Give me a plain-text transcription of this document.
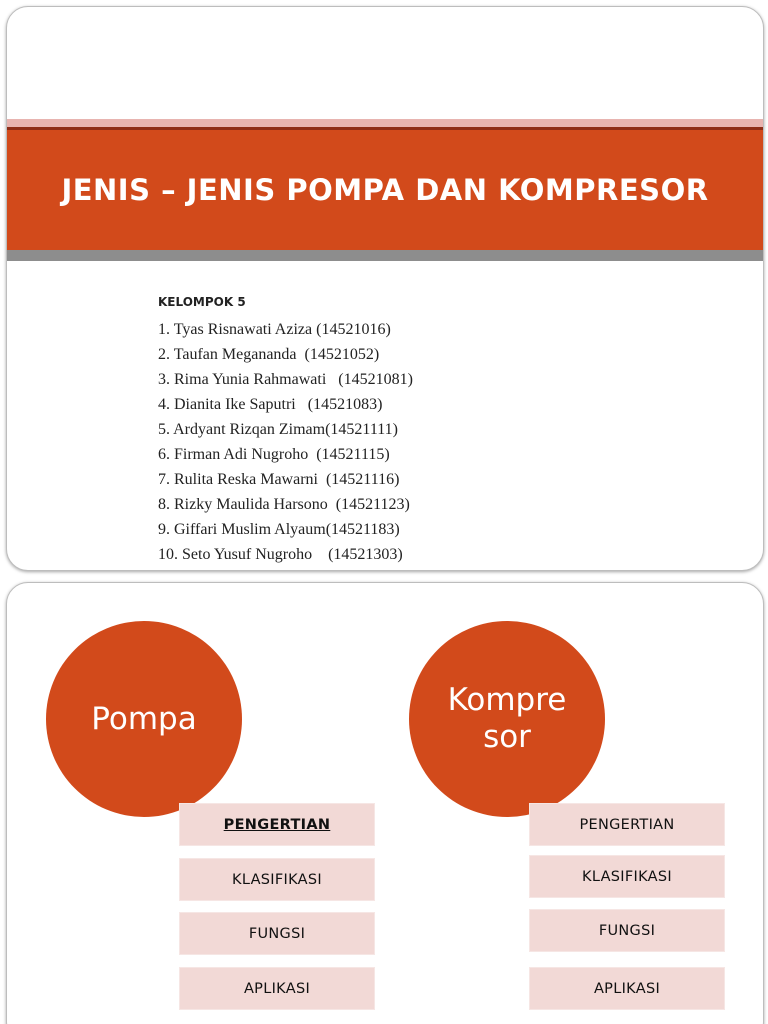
JENIS – JENIS POMPA DAN KOMPRESOR
KELOMPOK 5
1. Tyas Risnawati Aziza (14521016)
2. Taufan Megananda  (14521052)
3. Rima Yunia Rahmawati   (14521081)
4. Dianita Ike Saputri   (14521083)
5. Ardyant Rizqan Zimam(14521111)
6. Firman Adi Nugroho  (14521115)
7. Rulita Reska Mawarni  (14521116)
8. Rizky Maulida Harsono  (14521123)
9. Giffari Muslim Alyaum(14521183)
10. Seto Yusuf Nugroho    (14521303)
Pompa
Kompre
sor
PENGERTIAN
KLASIFIKASI
FUNGSI
APLIKASI
PENGERTIAN
KLASIFIKASI
FUNGSI
APLIKASI
